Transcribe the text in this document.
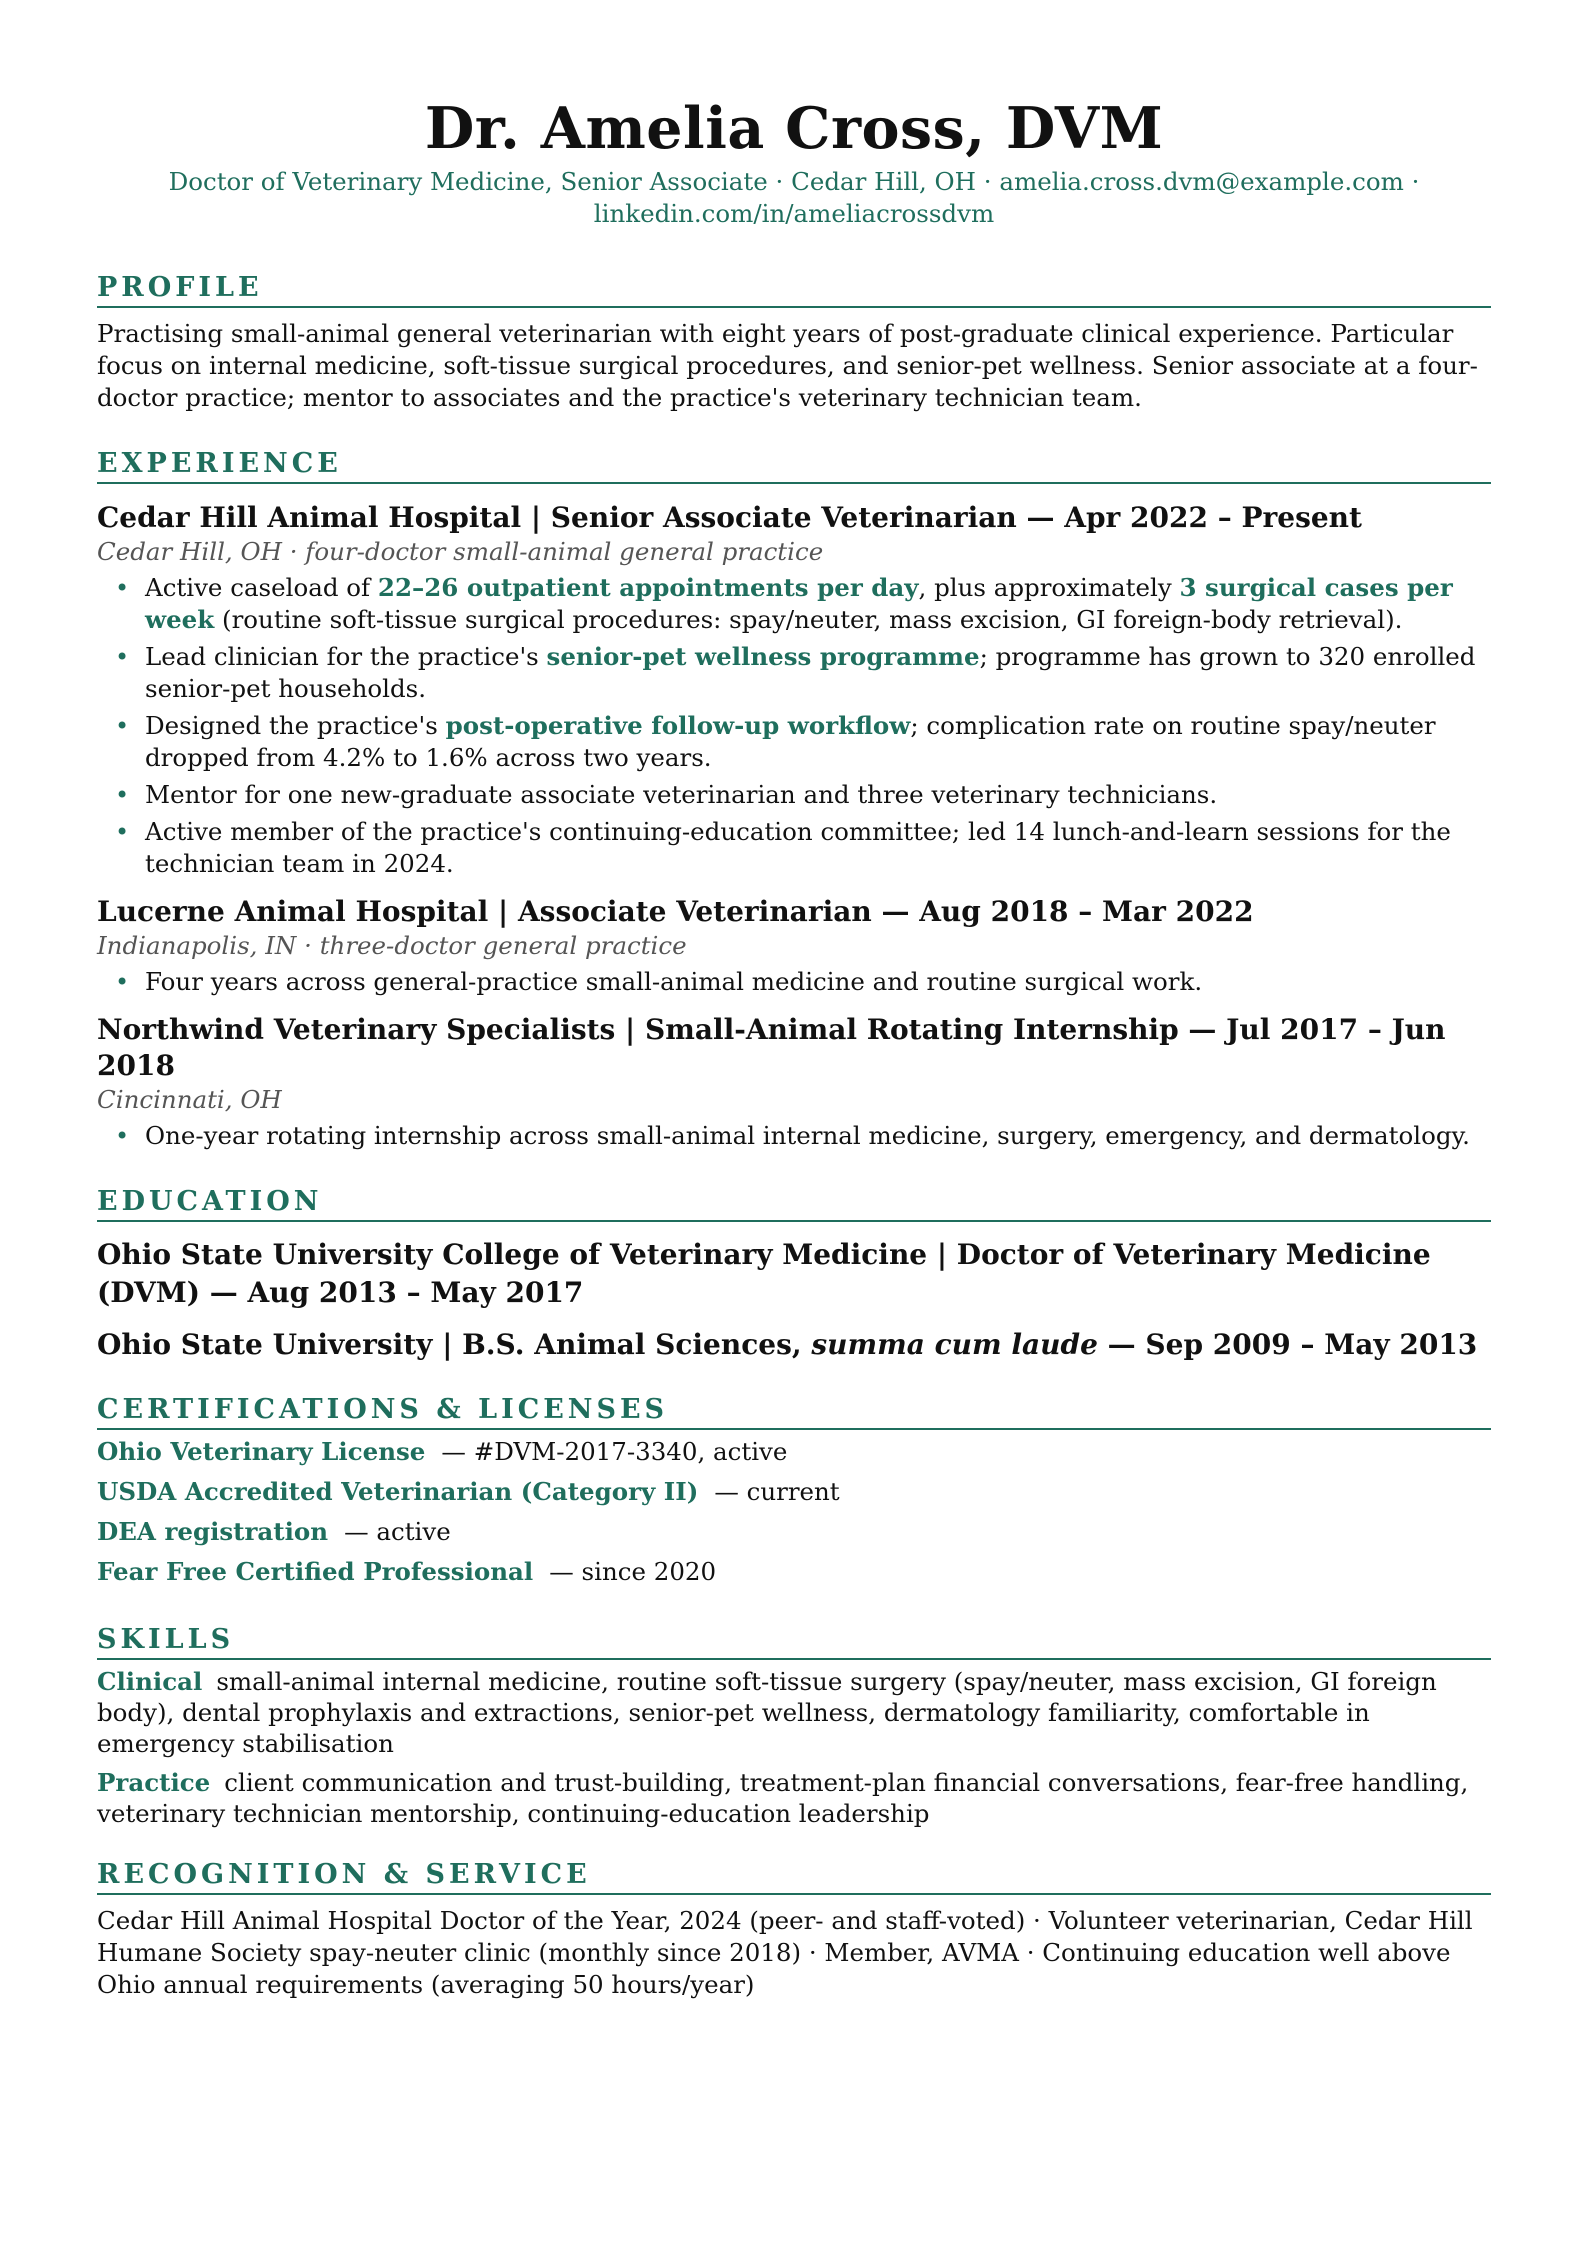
Dr. Amelia Cross, DVM
Doctor of Veterinary Medicine, Senior Associate · Cedar Hill, OH · amelia.cross.dvm@example.com ·
linkedin.com/in/ameliacrossdvm
PROFILE
Practising small-animal general veterinarian with eight years of post-graduate clinical experience. Particular focus on internal medicine, soft-tissue surgical procedures, and senior-pet wellness. Senior associate at a four-doctor practice; mentor to associates and the practice's veterinary technician team.
EXPERIENCE
Cedar Hill Animal Hospital | Senior Associate Veterinarian — Apr 2022 – Present
Cedar Hill, OH · four-doctor small-animal general practice
• Active caseload of 22–26 outpatient appointments per day, plus approximately 3 surgical cases per week (routine soft-tissue surgical procedures: spay/neuter, mass excision, GI foreign-body retrieval).
• Lead clinician for the practice's senior-pet wellness programme; programme has grown to 320 enrolled senior-pet households.
• Designed the practice's post-operative follow-up workflow; complication rate on routine spay/neuter dropped from 4.2% to 1.6% across two years.
• Mentor for one new-graduate associate veterinarian and three veterinary technicians.
• Active member of the practice's continuing-education committee; led 14 lunch-and-learn sessions for the technician team in 2024.
Lucerne Animal Hospital | Associate Veterinarian — Aug 2018 – Mar 2022
Indianapolis, IN · three-doctor general practice
• Four years across general-practice small-animal medicine and routine surgical work.
Northwind Veterinary Specialists | Small-Animal Rotating Internship — Jul 2017 – Jun 2018
Cincinnati, OH
• One-year rotating internship across small-animal internal medicine, surgery, emergency, and dermatology.
EDUCATION
Ohio State University College of Veterinary Medicine | Doctor of Veterinary Medicine (DVM) — Aug 2013 – May 2017
Ohio State University | B.S. Animal Sciences, summa cum laude — Sep 2009 – May 2013
CERTIFICATIONS & LICENSES
Ohio Veterinary License — #DVM-2017-3340, active
USDA Accredited Veterinarian (Category II) — current
DEA registration — active
Fear Free Certified Professional — since 2020
SKILLS
Clinical small-animal internal medicine, routine soft-tissue surgery (spay/neuter, mass excision, GI foreign body), dental prophylaxis and extractions, senior-pet wellness, dermatology familiarity, comfortable in emergency stabilisation
Practice client communication and trust-building, treatment-plan financial conversations, fear-free handling, veterinary technician mentorship, continuing-education leadership
RECOGNITION & SERVICE
Cedar Hill Animal Hospital Doctor of the Year, 2024 (peer- and staff-voted) · Volunteer veterinarian, Cedar Hill Humane Society spay-neuter clinic (monthly since 2018) · Member, AVMA · Continuing education well above Ohio annual requirements (averaging 50 hours/year)
